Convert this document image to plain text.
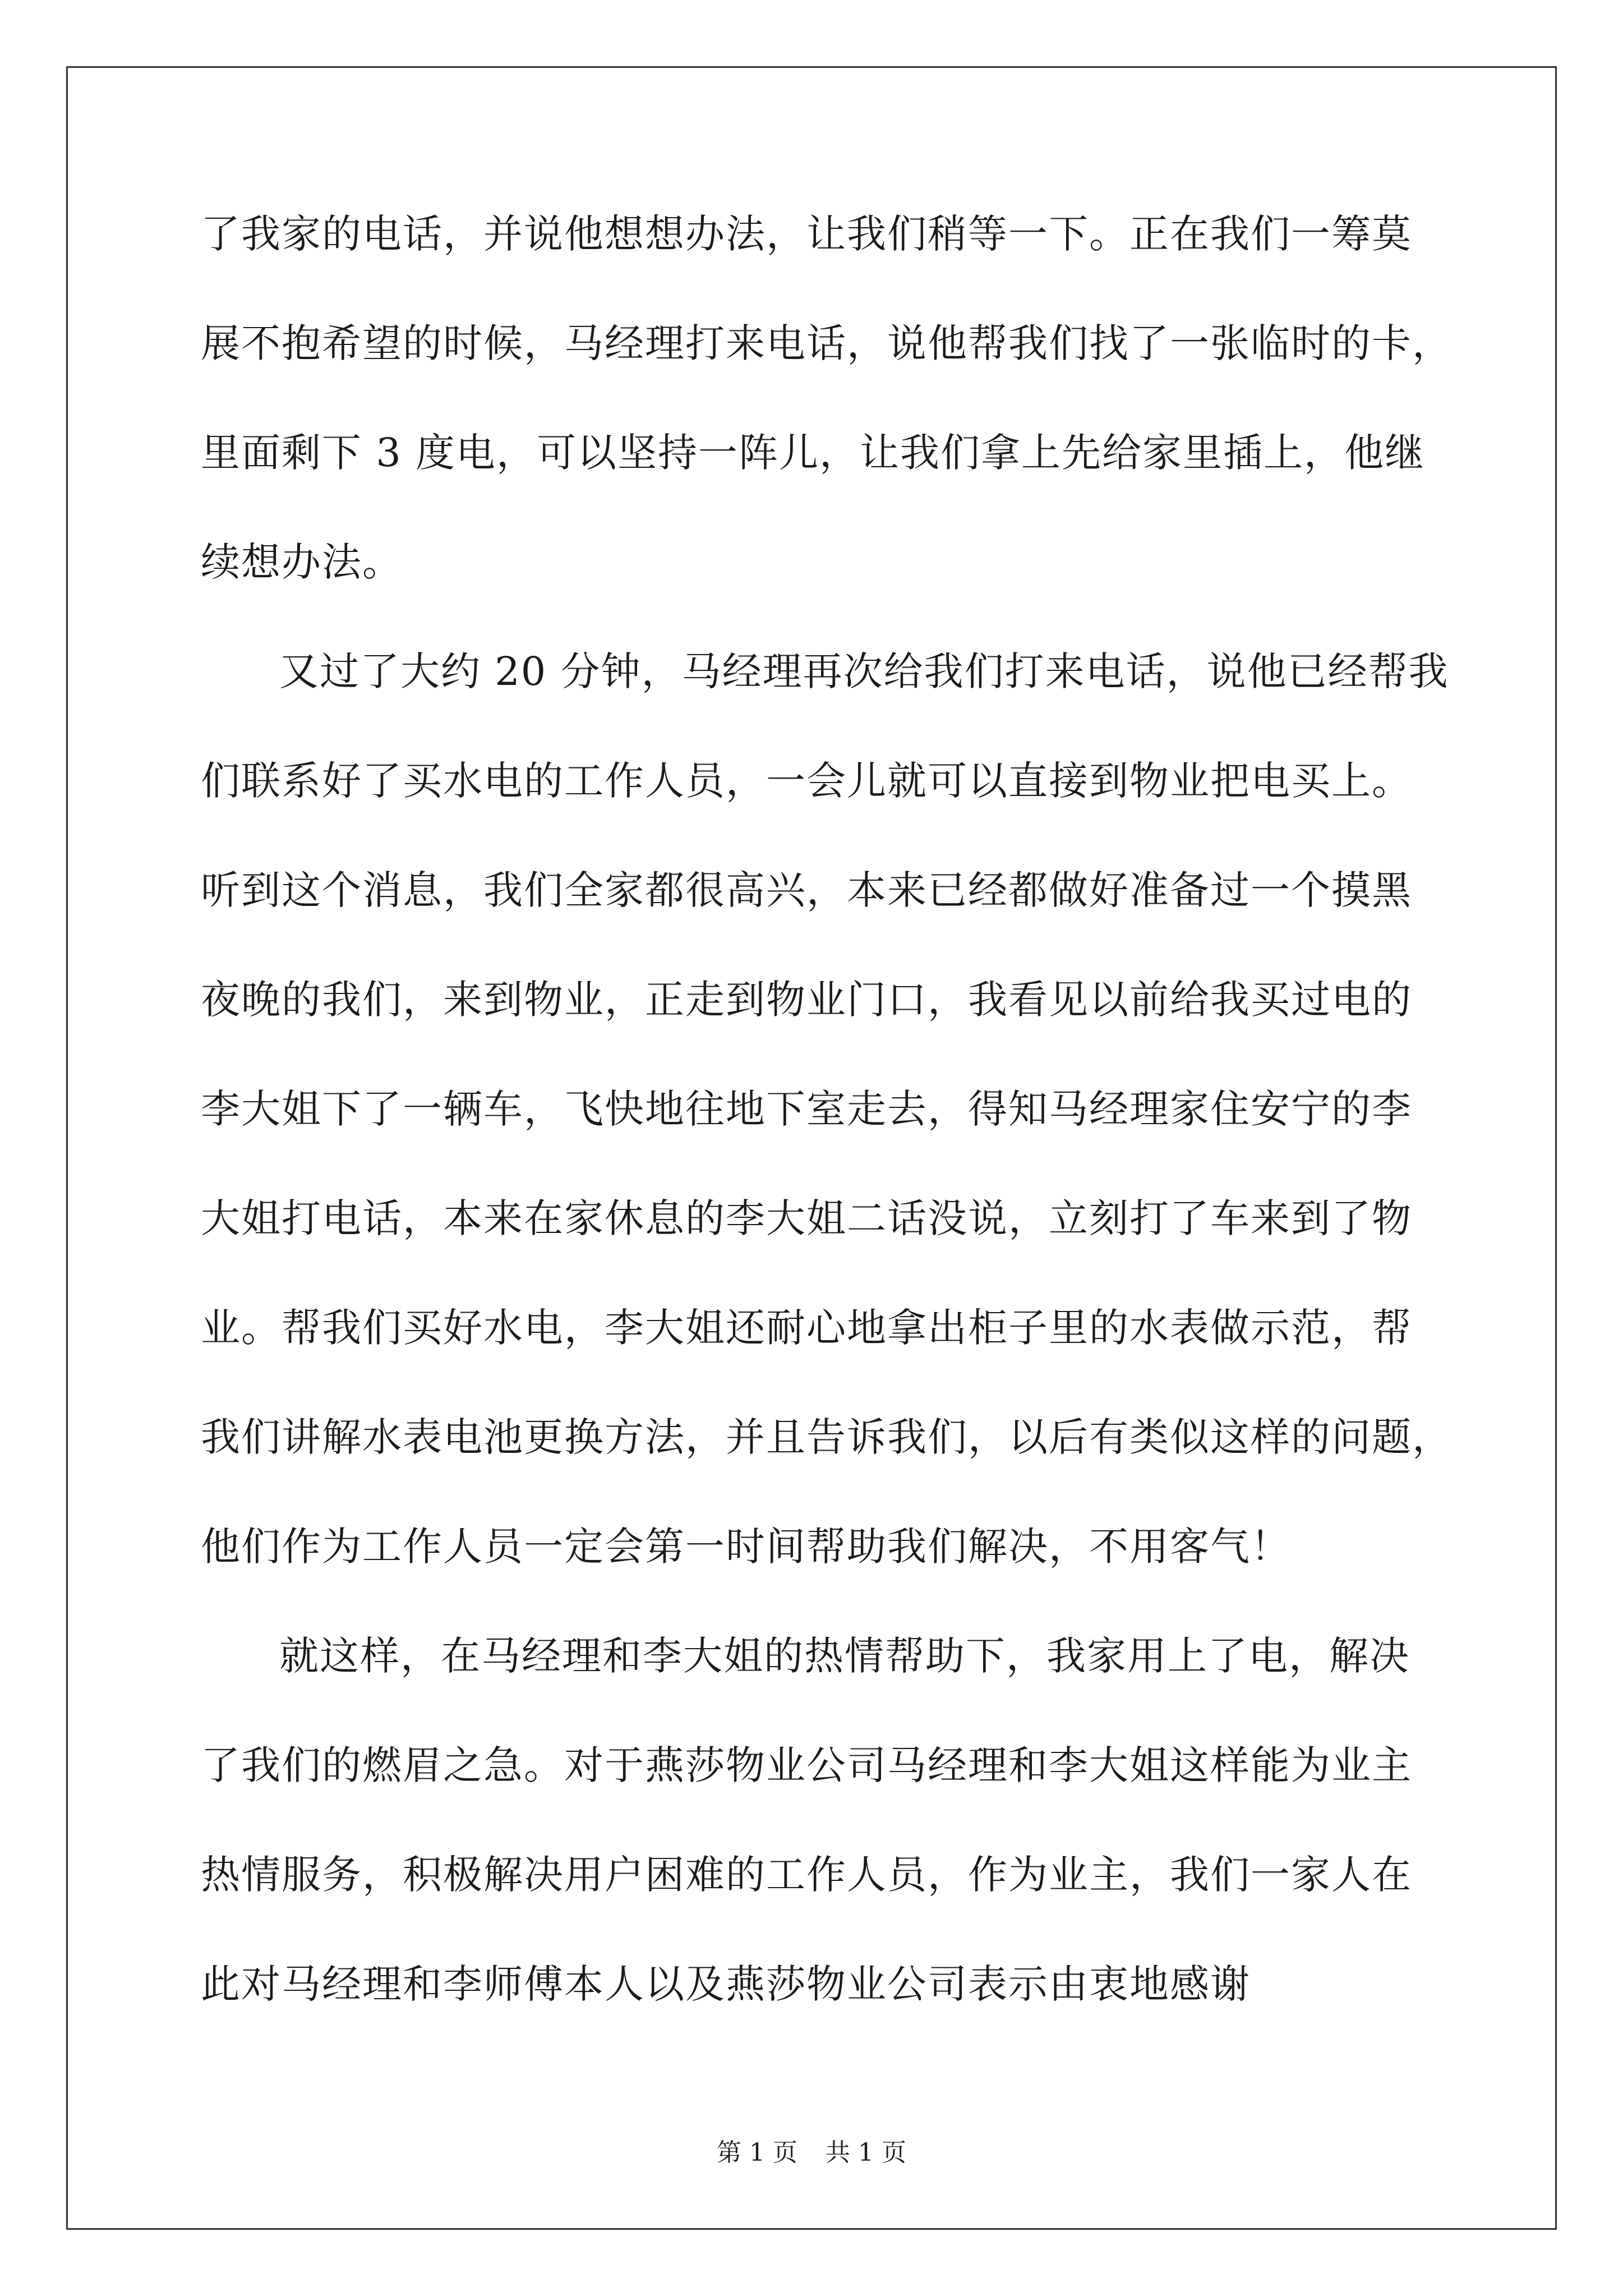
了我家的电话，并说他想想办法，让我们稍等一下。正在我们一筹莫
展不抱希望的时候，马经理打来电话，说他帮我们找了一张临时的卡，
里面剩下 3 度电，可以坚持一阵儿，让我们拿上先给家里插上，他继
续想办法。
又过了大约 20 分钟，马经理再次给我们打来电话，说他已经帮我
们联系好了买水电的工作人员，一会儿就可以直接到物业把电买上。
听到这个消息，我们全家都很高兴，本来已经都做好准备过一个摸黑
夜晚的我们，来到物业，正走到物业门口，我看见以前给我买过电的
李大姐下了一辆车，飞快地往地下室走去，得知马经理家住安宁的李
大姐打电话，本来在家休息的李大姐二话没说，立刻打了车来到了物
业。帮我们买好水电，李大姐还耐心地拿出柜子里的水表做示范，帮
我们讲解水表电池更换方法，并且告诉我们，以后有类似这样的问题，
他们作为工作人员一定会第一时间帮助我们解决，不用客气！
就这样，在马经理和李大姐的热情帮助下，我家用上了电，解决
了我们的燃眉之急。对于燕莎物业公司马经理和李大姐这样能为业主
热情服务，积极解决用户困难的工作人员，作为业主，我们一家人在
此对马经理和李师傅本人以及燕莎物业公司表示由衷地感谢
第 1 页 共 1 页
